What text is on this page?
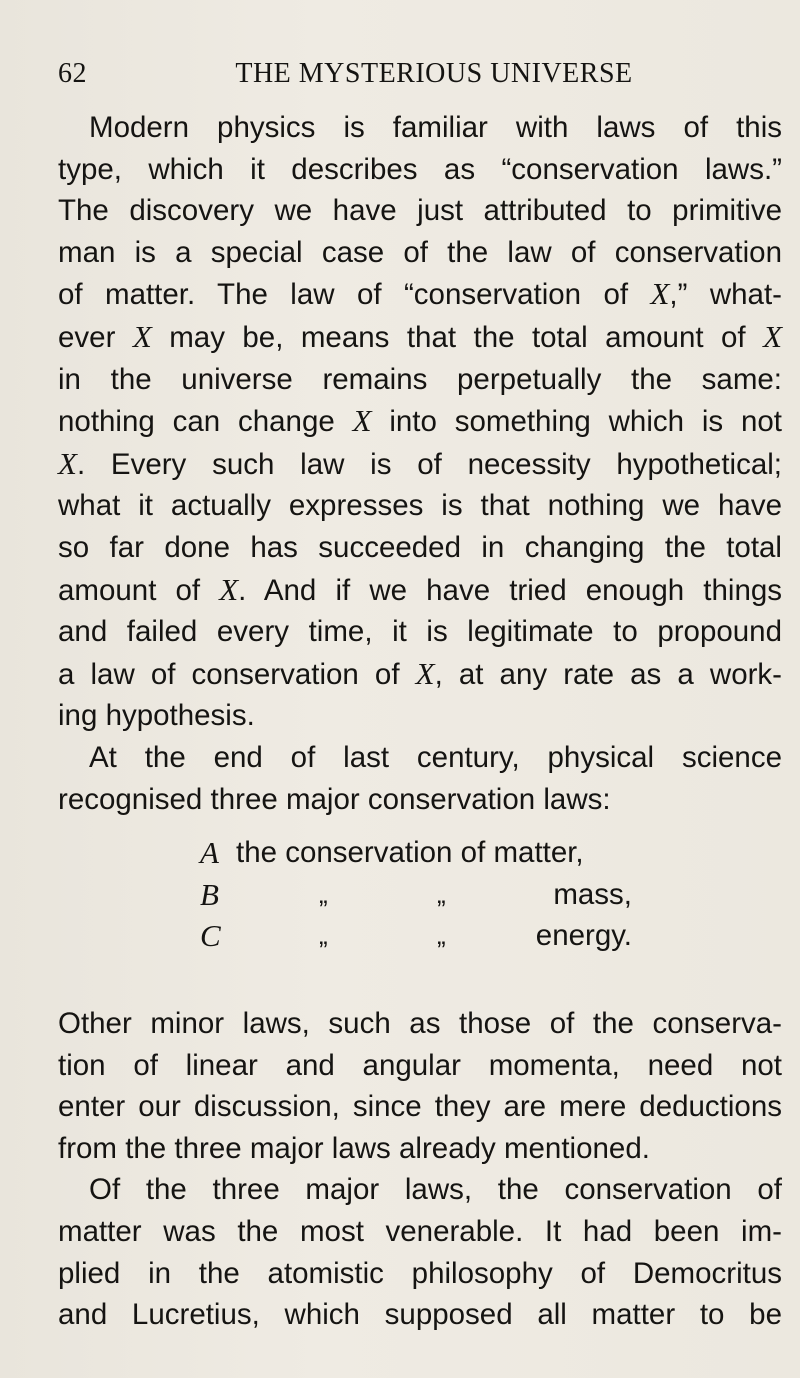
62	THE MYSTERIOUS UNIVERSE
Modern physics is familiar with laws of this
type, which it describes as “conservation laws.”
The discovery we have just attributed to primitive
man is a special case of the law of conservation
of matter. The law of “conservation of X,” what-
ever X may be, means that the total amount of X
in the universe remains perpetually the same:
nothing can change X into something which is not
X. Every such law is of necessity hypothetical;
what it actually expresses is that nothing we have
so far done has succeeded in changing the total
amount of X. And if we have tried enough things
and failed every time, it is legitimate to propound
a law of conservation of X, at any rate as a work-
ing hypothesis.
At the end of last century, physical science
recognised three major conservation laws:
A the conservation of matter,
B	„	„	mass,
C	„	„	energy.
Other minor laws, such as those of the conserva-
tion of linear and angular momenta, need not
enter our discussion, since they are mere deductions
from the three major laws already mentioned.
Of the three major laws, the conservation of
matter was the most venerable. It had been im-
plied in the atomistic philosophy of Democritus
and Lucretius, which supposed all matter to be
